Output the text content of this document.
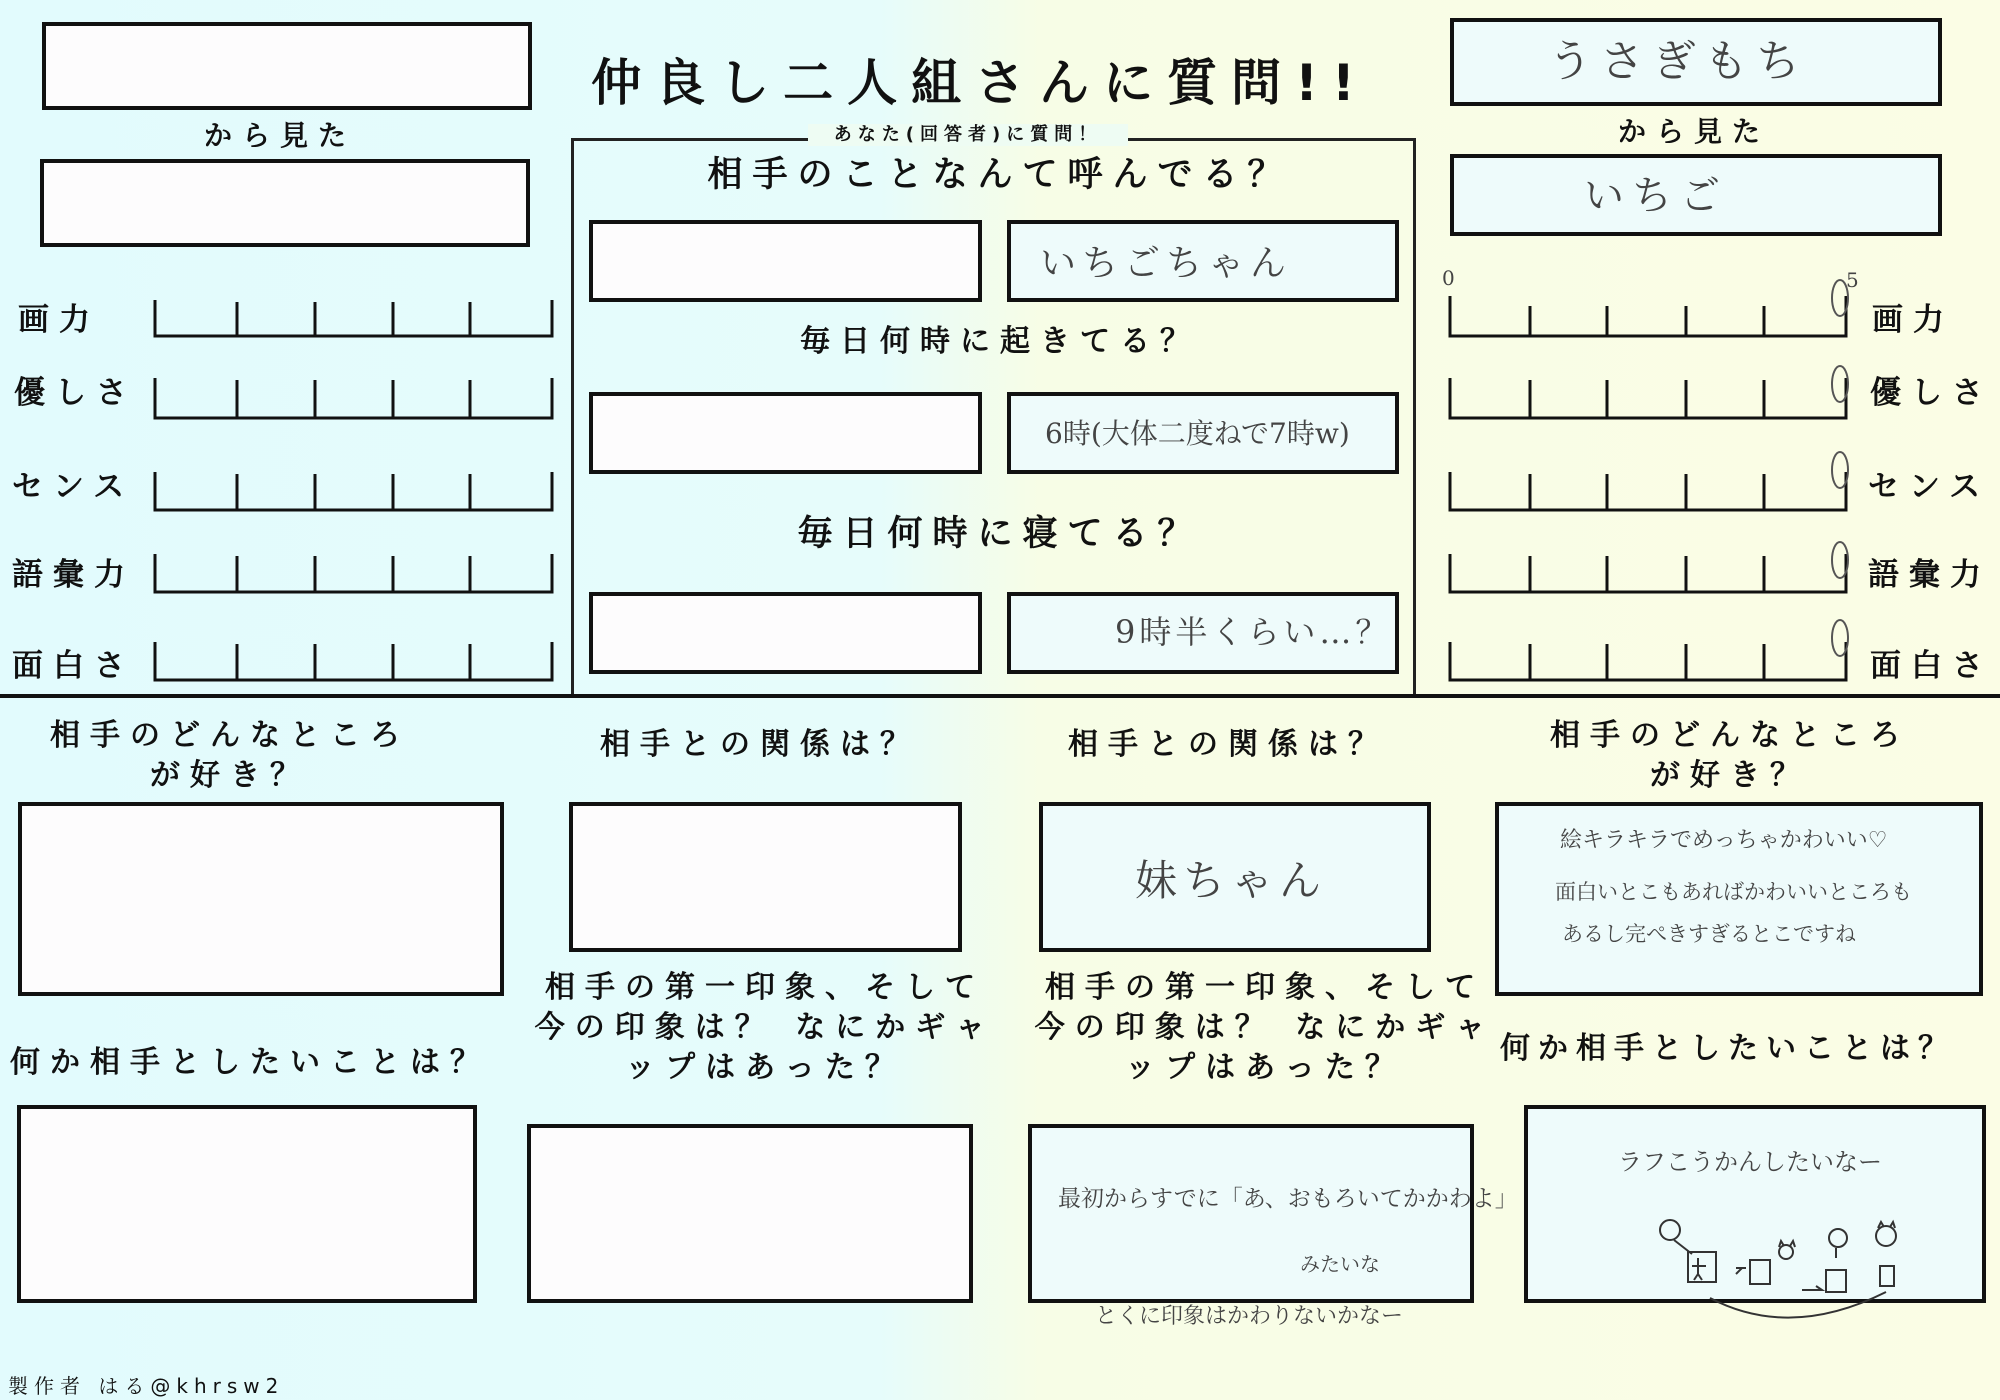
仲良し二人組さんに質問!!
から見た
画力
優しさ
センス
語彙力
面白さ
あなた(回答者)に質問！
相手のことなんて呼んでる？
いちごちゃん
毎日何時に起きてる？
6時(大体二度ねで7時w)
毎日何時に寝てる？
9時半くらい…？
うさぎもち
から見た
いちご
0	5
画力
優しさ
センス
語彙力
面白さ
相手のどんなところ が好き？
何か相手としたいことは？
相手との関係は？
相手の第一印象、そして 今の印象は？ なにかギャップはあった？
相手との関係は？
妹ちゃん
相手の第一印象、そして 今の印象は？ なにかギャップはあった？
最初からすでに「あ、おもろいてかかわよ」
みたいな
とくに印象はかわりないかなー
相手のどんなところ が好き？
絵キラキラでめっちゃかわいい♡
面白いとこもあればかわいいところも
あるし完ぺきすぎるとこですね
何か相手としたいことは？
ラフこうかんしたいなー
製作者 はる@khrsw2
